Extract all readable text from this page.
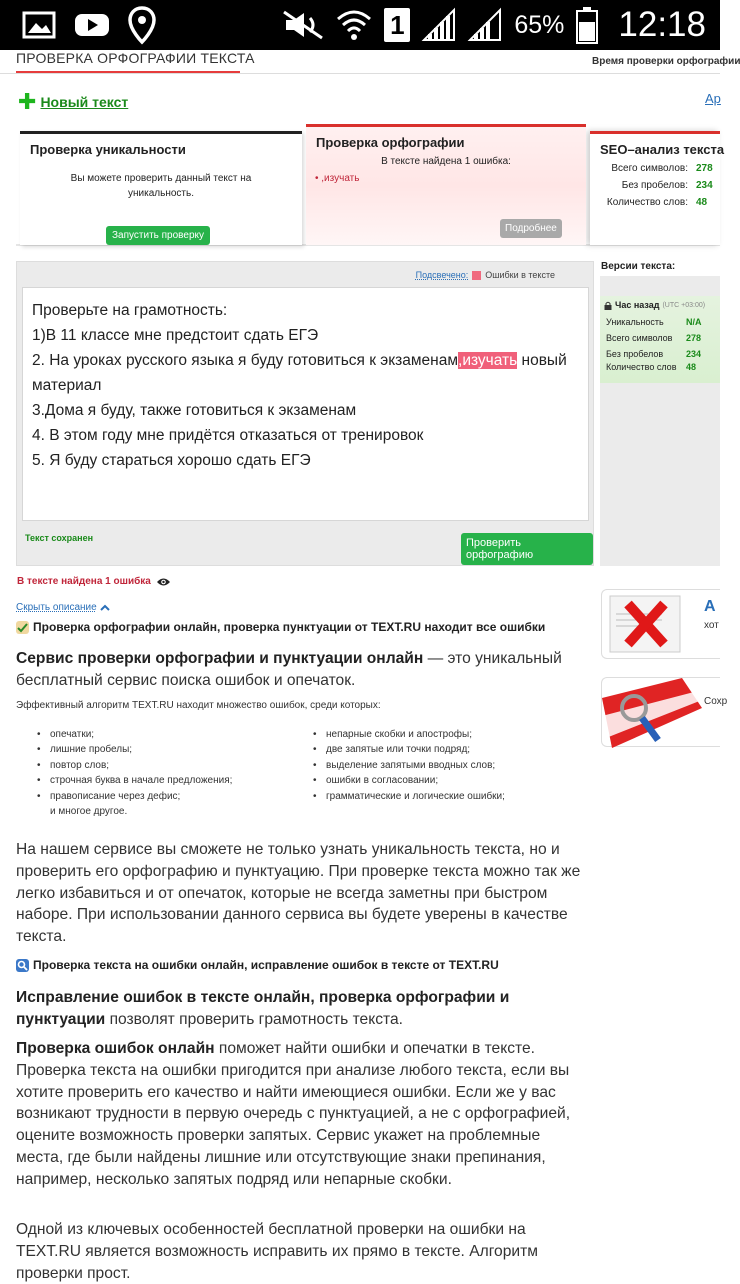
1	65% 12:18
ПРОВЕРКА ОРФОГРАФИИ ТЕКСТА	Время проверки орфографии
✚ Новый текст	Ар
Проверка уникальности
Вы можете проверить данный текст на уникальность.
Запустить проверку
SEO–анализ текста
Всего символов: 278
Без пробелов: 234
Количество слов: 48
Проверка орфографии
В тексте найдена 1 ошибка:
• ,изучать
Подробнее
Подсвечено: Ошибки в тексте
Проверьте на грамотность:
1)В 11 классе мне предстоит сдать ЕГЭ
2. На уроках русского языка я буду готовиться к экзаменам,изучать новый материал
3.Дома я буду, также готовиться к экзаменам
4. В этом году мне придётся отказаться от тренировок
5. Я буду стараться хорошо сдать ЕГЭ
Текст сохранен	Проверить орфографию
Версии текста:
Час назад (UTC +03:00)
Уникальность	N/A
Всего символов	278
Без пробелов	234
Количество слов	48
A
хот
Сохр
В тексте найдена 1 ошибка
Скрыть описание
Проверка орфографии онлайн, проверка пунктуации от TEXT.RU находит все ошибки
Сервис проверки орфографии и пунктуации онлайн — это уникальный бесплатный сервис поиска ошибок и опечаток.
Эффективный алгоритм TEXT.RU находит множество ошибок, среди которых:
• опечатки;
• лишние пробелы;
• повтор слов;
• строчная буква в начале предложения;
• правописание через дефис;
и многое другое.
• непарные скобки и апострофы;
• две запятые или точки подряд;
• выделение запятыми вводных слов;
• ошибки в согласовании;
• грамматические и логические ошибки;
На нашем сервисе вы сможете не только узнать уникальность текста, но и проверить его орфографию и пунктуацию. При проверке текста можно так же легко избавиться и от опечаток, которые не всегда заметны при быстром наборе. При использовании данного сервиса вы будете уверены в качестве текста.
Проверка текста на ошибки онлайн, исправление ошибок в тексте от TEXT.RU
Исправление ошибок в тексте онлайн, проверка орфографии и пунктуации позволят проверить грамотность текста.
Проверка ошибок онлайн поможет найти ошибки и опечатки в тексте. Проверка текста на ошибки пригодится при анализе любого текста, если вы хотите проверить его качество и найти имеющиеся ошибки. Если же у вас возникают трудности в первую очередь с пунктуацией, а не с орфографией, оцените возможность проверки запятых. Сервис укажет на проблемные места, где были найдены лишние или отсутствующие знаки препинания, например, несколько запятых подряд или непарные скобки.
Одной из ключевых особенностей бесплатной проверки на ошибки на TEXT.RU является возможность исправить их прямо в тексте. Алгоритм проверки прост.
